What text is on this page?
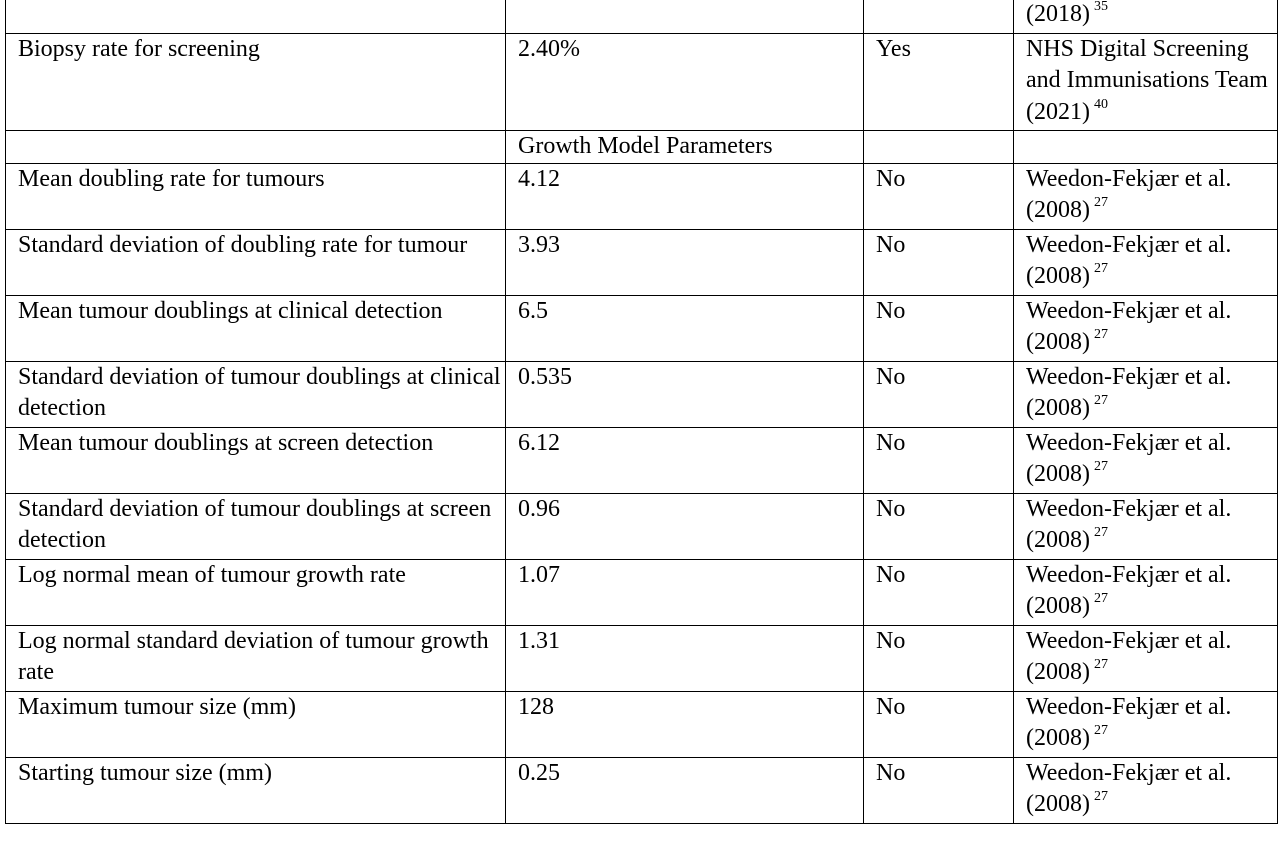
			(2018) $^{35}$
Biopsy rate for screening	2.40%	Yes	NHS Digital Screening and Immunisations Team (2021) $^{40}$
	Growth Model Parameters		
Mean doubling rate for tumours	4.12	No	Weedon-Fekjær et al. (2008) $^{27}$
Standard deviation of doubling rate for tumour	3.93	No	Weedon-Fekjær et al. (2008) $^{27}$
Mean tumour doublings at clinical detection	6.5	No	Weedon-Fekjær et al. (2008) $^{27}$
Standard deviation of tumour doublings at clinical detection	0.535	No	Weedon-Fekjær et al. (2008) $^{27}$
Mean tumour doublings at screen detection	6.12	No	Weedon-Fekjær et al. (2008) $^{27}$
Standard deviation of tumour doublings at screen detection	0.96	No	Weedon-Fekjær et al. (2008) $^{27}$
Log normal mean of tumour growth rate	1.07	No	Weedon-Fekjær et al. (2008) $^{27}$
Log normal standard deviation of tumour growth rate	1.31	No	Weedon-Fekjær et al. (2008) $^{27}$
Maximum tumour size (mm)	128	No	Weedon-Fekjær et al. (2008) $^{27}$
Starting tumour size (mm)	0.25	No	Weedon-Fekjær et al. (2008) $^{27}$
